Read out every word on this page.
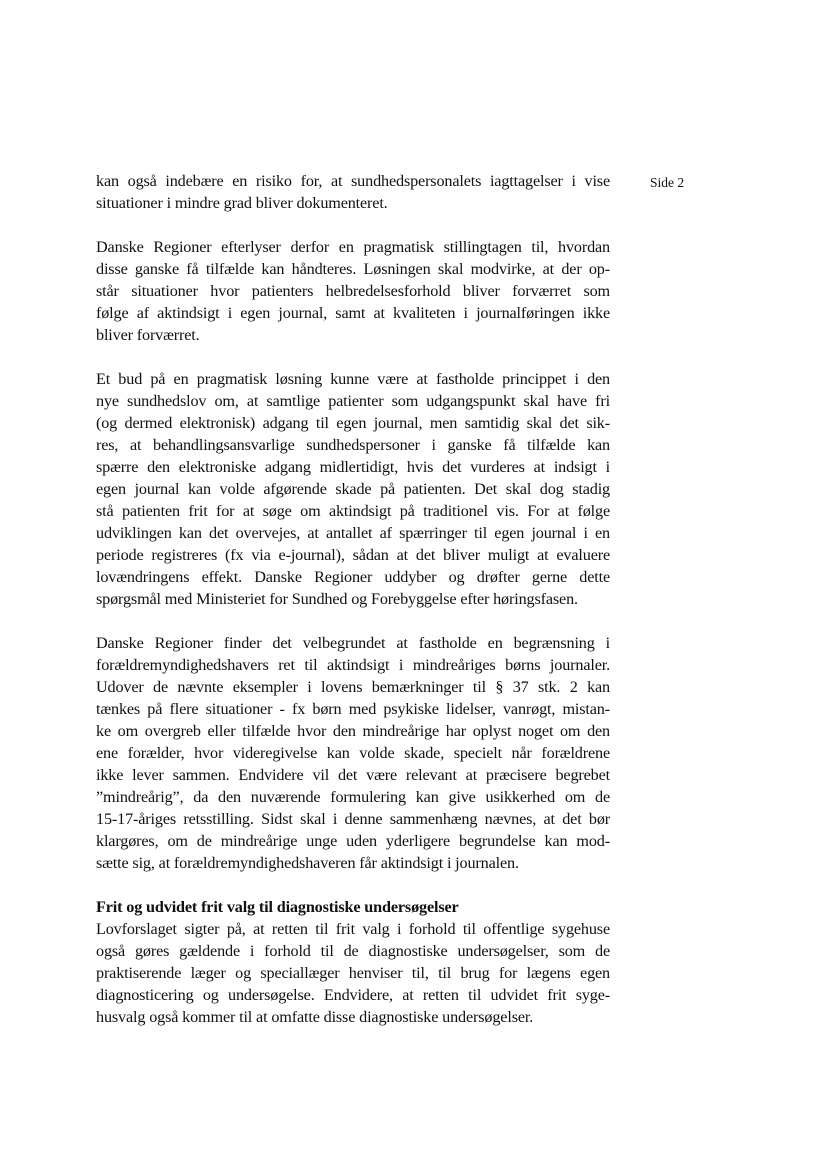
Side 2
kan også indebære en risiko for, at sundhedspersonalets iagttagelser i vise
situationer i mindre grad bliver dokumenteret.
Danske Regioner efterlyser derfor en pragmatisk stillingtagen til, hvordan
disse ganske få tilfælde kan håndteres. Løsningen skal modvirke, at der op-
står situationer hvor patienters helbredelsesforhold bliver forværret som
følge af aktindsigt i egen journal, samt at kvaliteten i journalføringen ikke
bliver forværret.
Et bud på en pragmatisk løsning kunne være at fastholde princippet i den
nye sundhedslov om, at samtlige patienter som udgangspunkt skal have fri
(og dermed elektronisk) adgang til egen journal, men samtidig skal det sik-
res, at behandlingsansvarlige sundhedspersoner i ganske få tilfælde kan
spærre den elektroniske adgang midlertidigt, hvis det vurderes at indsigt i
egen journal kan volde afgørende skade på patienten. Det skal dog stadig
stå patienten frit for at søge om aktindsigt på traditionel vis. For at følge
udviklingen kan det overvejes, at antallet af spærringer til egen journal i en
periode registreres (fx via e-journal), sådan at det bliver muligt at evaluere
lovændringens effekt. Danske Regioner uddyber og drøfter gerne dette
spørgsmål med Ministeriet for Sundhed og Forebyggelse efter høringsfasen.
Danske Regioner finder det velbegrundet at fastholde en begrænsning i
forældremyndighedshavers ret til aktindsigt i mindreåriges børns journaler.
Udover de nævnte eksempler i lovens bemærkninger til § 37 stk. 2 kan
tænkes på flere situationer - fx børn med psykiske lidelser, vanrøgt, mistan-
ke om overgreb eller tilfælde hvor den mindreårige har oplyst noget om den
ene forælder, hvor videregivelse kan volde skade, specielt når forældrene
ikke lever sammen. Endvidere vil det være relevant at præcisere begrebet
”mindreårig”, da den nuværende formulering kan give usikkerhed om de
15-17-åriges retsstilling. Sidst skal i denne sammenhæng nævnes, at det bør
klargøres, om de mindreårige unge uden yderligere begrundelse kan mod-
sætte sig, at forældremyndighedshaveren får aktindsigt i journalen.
Frit og udvidet frit valg til diagnostiske undersøgelser
Lovforslaget sigter på, at retten til frit valg i forhold til offentlige sygehuse
også gøres gældende i forhold til de diagnostiske undersøgelser, som de
praktiserende læger og speciallæger henviser til, til brug for lægens egen
diagnosticering og undersøgelse. Endvidere, at retten til udvidet frit syge-
husvalg også kommer til at omfatte disse diagnostiske undersøgelser.
